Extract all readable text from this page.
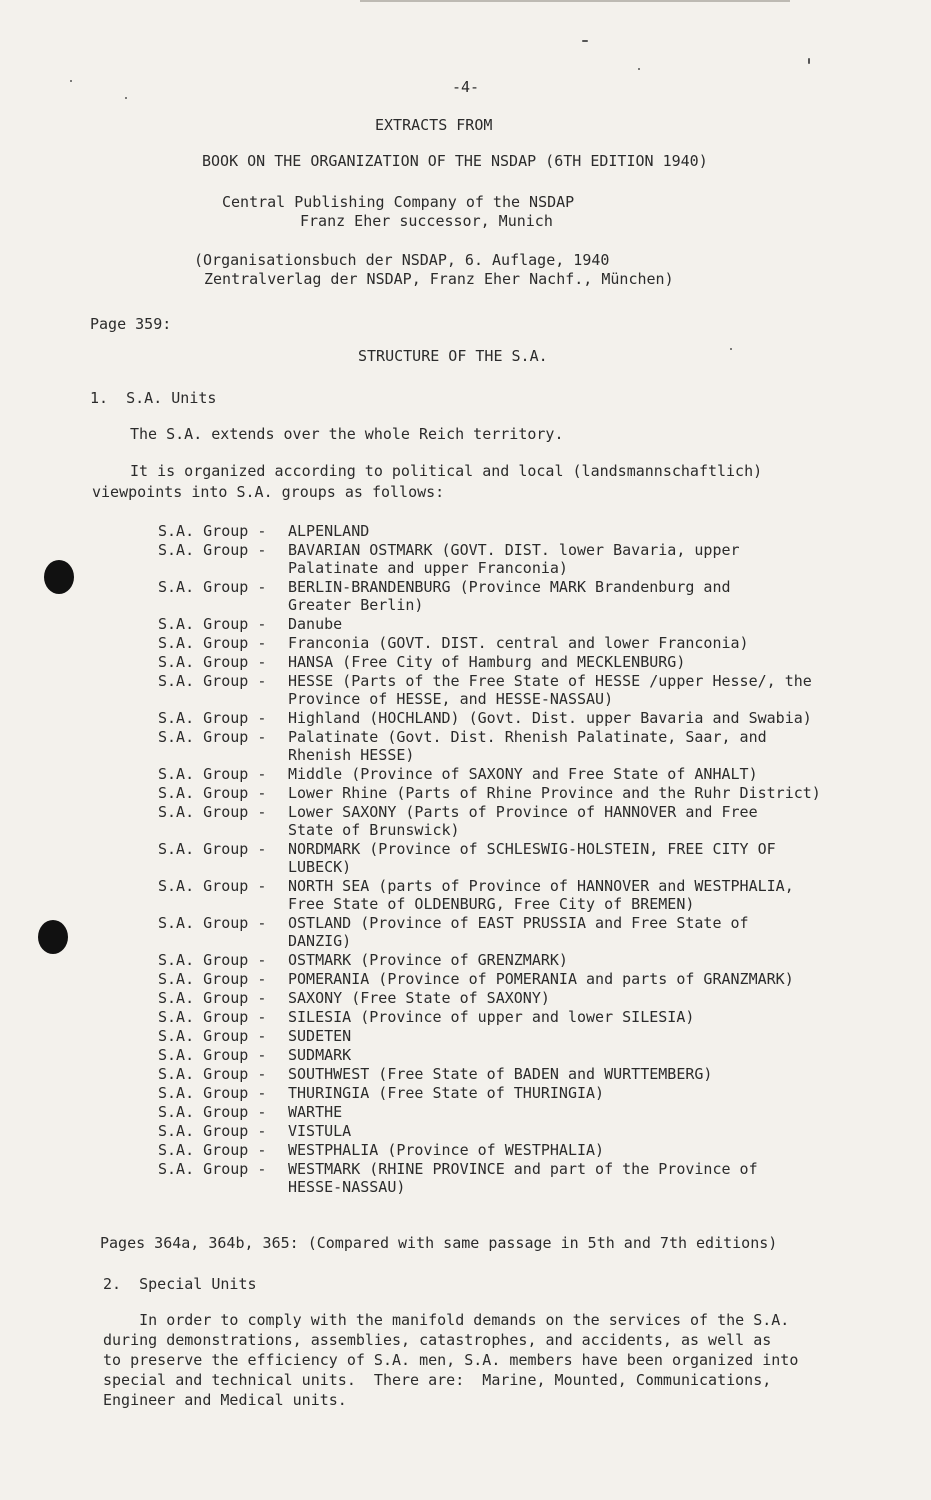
-4-
EXTRACTS FROM
BOOK ON THE ORGANIZATION OF THE NSDAP (6TH EDITION 1940)
Central Publishing Company of the NSDAP
Franz Eher successor, Munich
(Organisationsbuch der NSDAP, 6. Auflage, 1940
Zentralverlag der NSDAP, Franz Eher Nachf., München)
Page 359:
STRUCTURE OF THE S.A.
1.  S.A. Units
The S.A. extends over the whole Reich territory.
It is organized according to political and local (landsmannschaftlich)
viewpoints into S.A. groups as follows:
S.A. Group - ALPENLAND
S.A. Group - BAVARIAN OSTMARK (GOVT. DIST. lower Bavaria, upper
Palatinate and upper Franconia)
S.A. Group - BERLIN-BRANDENBURG (Province MARK Brandenburg and
Greater Berlin)
S.A. Group - Danube
S.A. Group - Franconia (GOVT. DIST. central and lower Franconia)
S.A. Group - HANSA (Free City of Hamburg and MECKLENBURG)
S.A. Group - HESSE (Parts of the Free State of HESSE /upper Hesse/, the
Province of HESSE, and HESSE-NASSAU)
S.A. Group - Highland (HOCHLAND) (Govt. Dist. upper Bavaria and Swabia)
S.A. Group - Palatinate (Govt. Dist. Rhenish Palatinate, Saar, and
Rhenish HESSE)
S.A. Group - Middle (Province of SAXONY and Free State of ANHALT)
S.A. Group - Lower Rhine (Parts of Rhine Province and the Ruhr District)
S.A. Group - Lower SAXONY (Parts of Province of HANNOVER and Free
State of Brunswick)
S.A. Group - NORDMARK (Province of SCHLESWIG-HOLSTEIN, FREE CITY OF
LUBECK)
S.A. Group - NORTH SEA (parts of Province of HANNOVER and WESTPHALIA,
Free State of OLDENBURG, Free City of BREMEN)
S.A. Group - OSTLAND (Province of EAST PRUSSIA and Free State of
DANZIG)
S.A. Group - OSTMARK (Province of GRENZMARK)
S.A. Group - POMERANIA (Province of POMERANIA and parts of GRANZMARK)
S.A. Group - SAXONY (Free State of SAXONY)
S.A. Group - SILESIA (Province of upper and lower SILESIA)
S.A. Group - SUDETEN
S.A. Group - SUDMARK
S.A. Group - SOUTHWEST (Free State of BADEN and WURTTEMBERG)
S.A. Group - THURINGIA (Free State of THURINGIA)
S.A. Group - WARTHE
S.A. Group - VISTULA
S.A. Group - WESTPHALIA (Province of WESTPHALIA)
S.A. Group - WESTMARK (RHINE PROVINCE and part of the Province of
HESSE-NASSAU)
Pages 364a, 364b, 365: (Compared with same passage in 5th and 7th editions)
2.  Special Units
In order to comply with the manifold demands on the services of the S.A.
during demonstrations, assemblies, catastrophes, and accidents, as well as
to preserve the efficiency of S.A. men, S.A. members have been organized into
special and technical units.  There are:  Marine, Mounted, Communications,
Engineer and Medical units.
